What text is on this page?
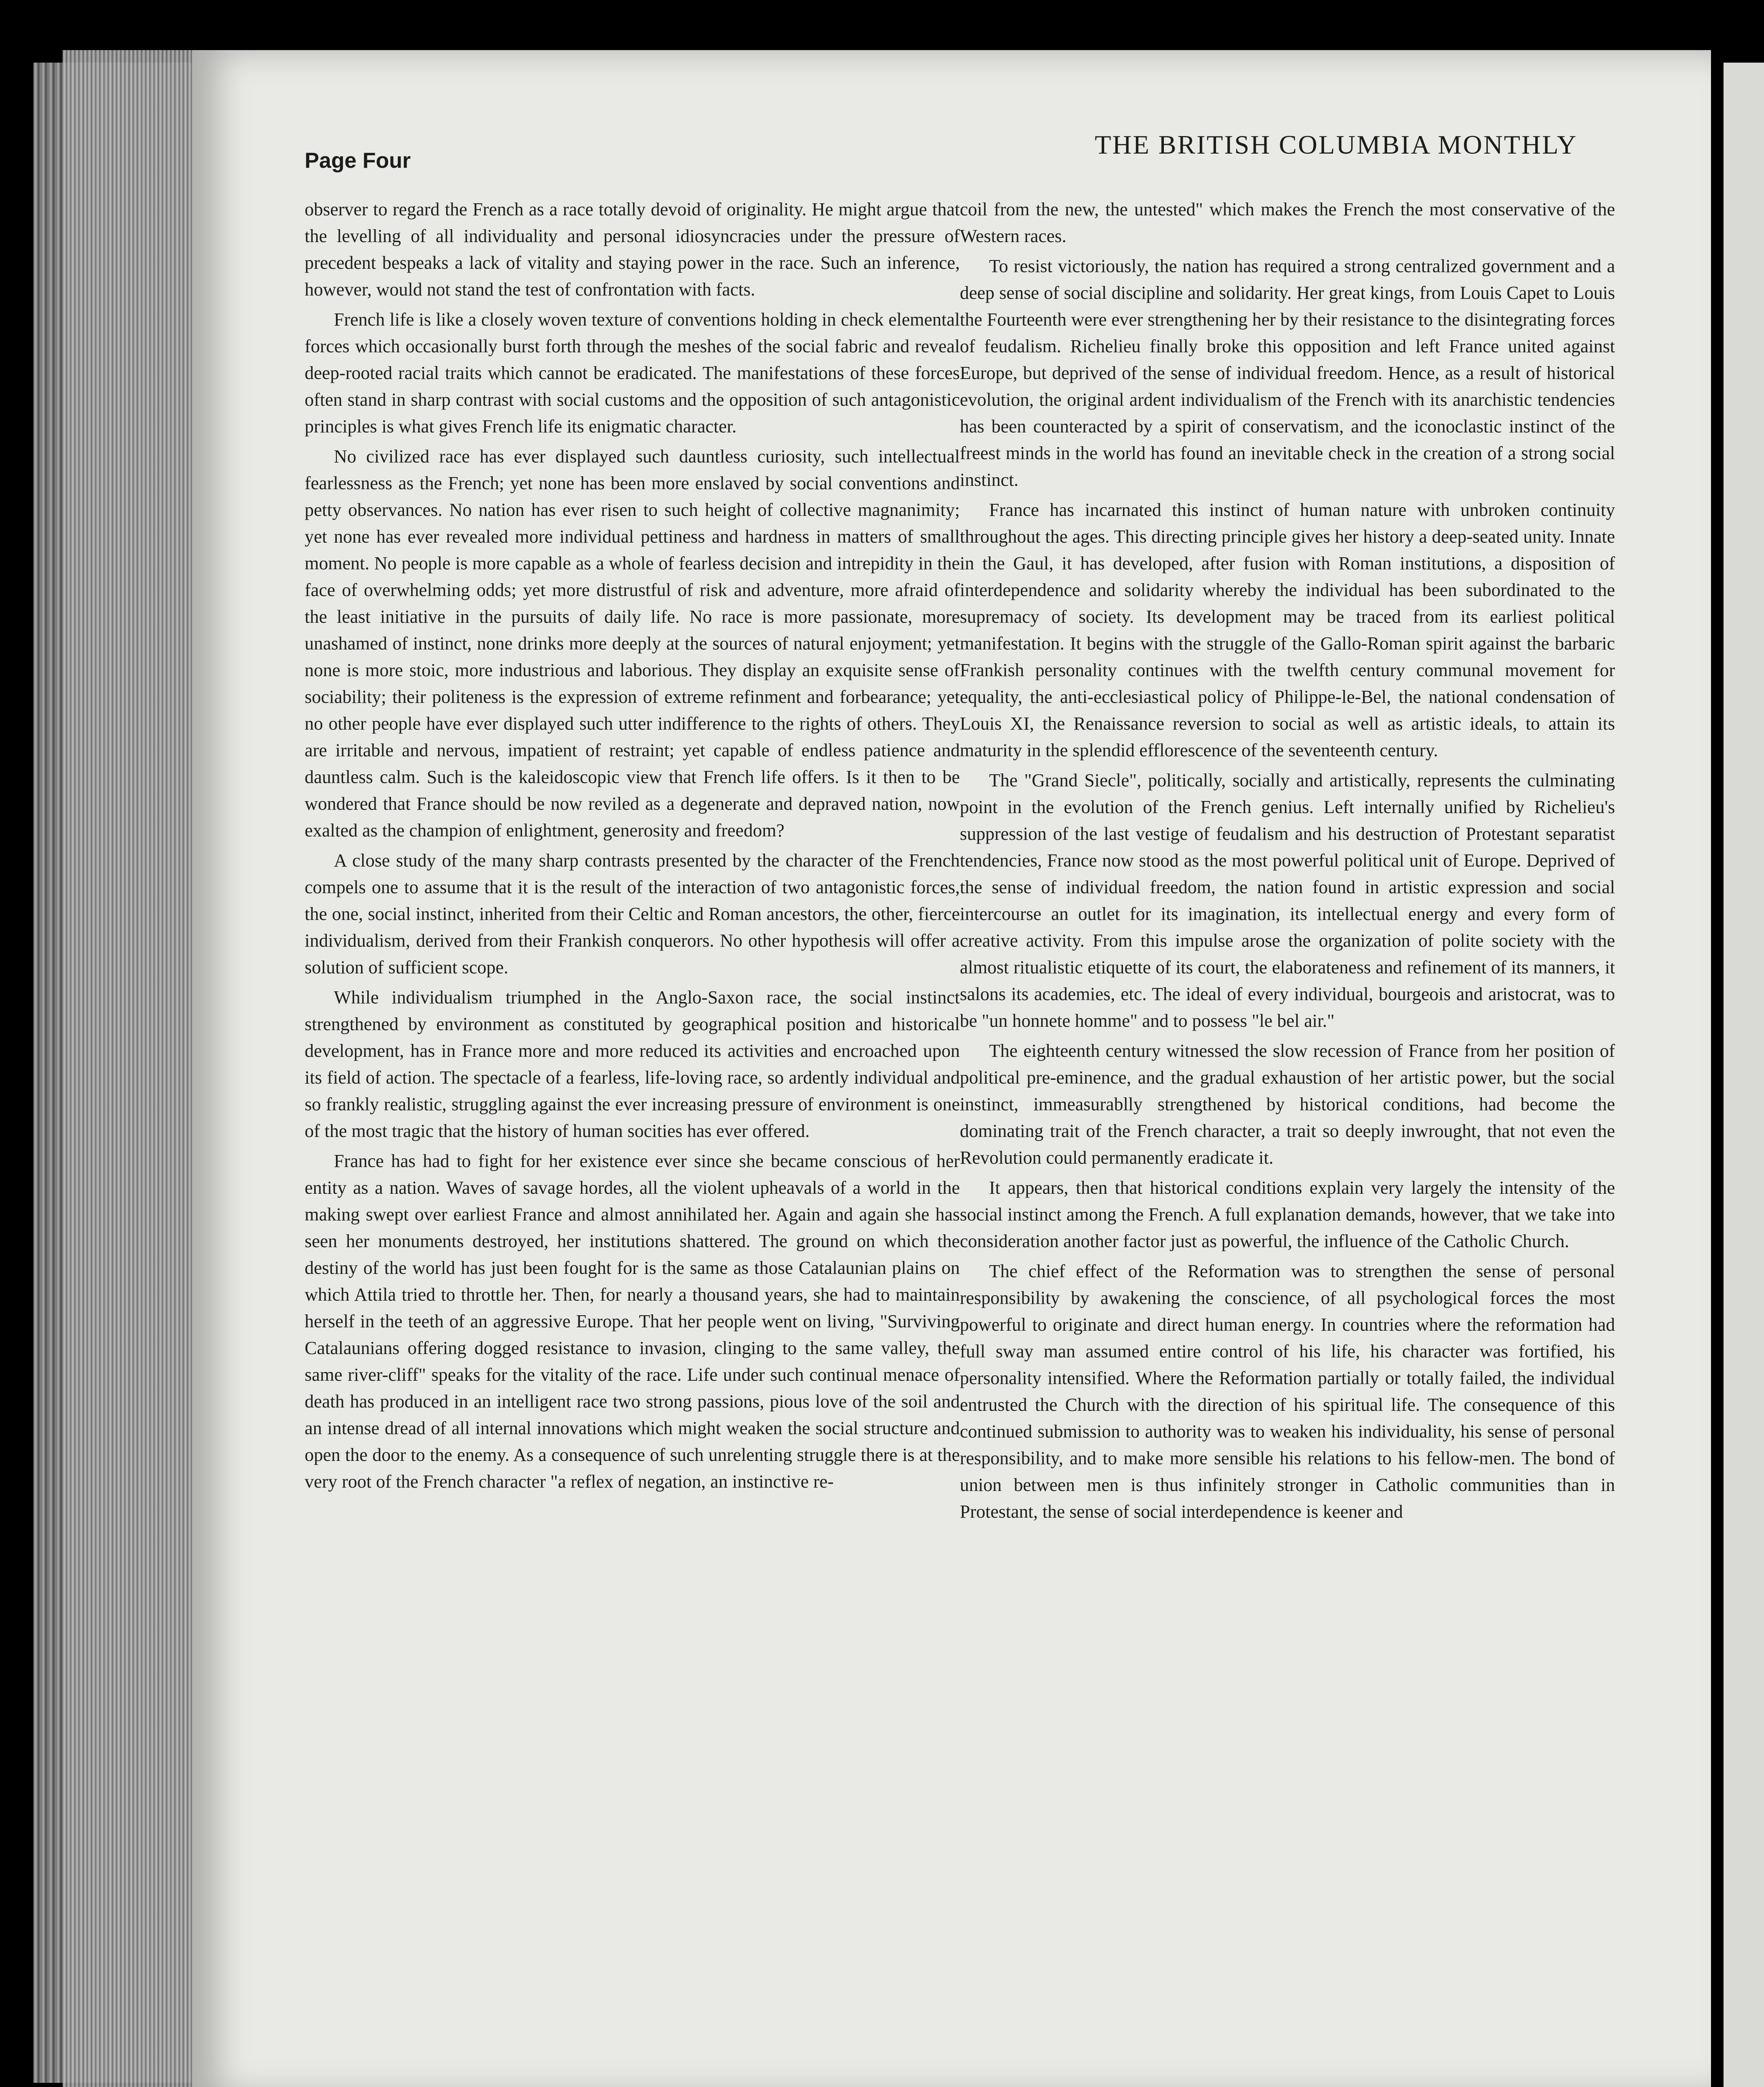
Page Four
THE BRITISH COLUMBIA MONTHLY

observer to regard the French as a race totally devoid of originality. He might argue that the levelling of all individuality and personal idiosyncracies under the pressure of precedent bespeaks a lack of vitality and staying power in the race. Such an inference, however, would not stand the test of confrontation with facts.

French life is like a closely woven texture of conventions holding in check elemental forces which occasionally burst forth through the meshes of the social fabric and reveal deep-rooted racial traits which cannot be eradicated. The manifestations of these forces often stand in sharp contrast with social customs and the opposition of such antagonistic principles is what gives French life its enigmatic character.

No civilized race has ever displayed such dauntless curiosity, such intellectual fearlessness as the French; yet none has been more enslaved by social conventions and petty observances. No nation has ever risen to such height of collective magnanimity; yet none has ever revealed more individual pettiness and hardness in matters of small moment. No people is more capable as a whole of fearless decision and intrepidity in the face of overwhelming odds; yet more distrustful of risk and adventure, more afraid of the least initiative in the pursuits of daily life. No race is more passionate, more unashamed of instinct, none drinks more deeply at the sources of natural enjoyment; yet none is more stoic, more industrious and laborious. They display an exquisite sense of sociability; their politeness is the expression of extreme refinment and forbearance; yet no other people have ever displayed such utter indifference to the rights of others. They are irritable and nervous, impatient of restraint; yet capable of endless patience and dauntless calm. Such is the kaleidoscopic view that French life offers. Is it then to be wondered that France should be now reviled as a degenerate and depraved nation, now exalted as the champion of enlightment, generosity and freedom?

A close study of the many sharp contrasts presented by the character of the French compels one to assume that it is the result of the interaction of two antagonistic forces, the one, social instinct, inherited from their Celtic and Roman ancestors, the other, fierce individualism, derived from their Frankish conquerors. No other hypothesis will offer a solution of sufficient scope.

While individualism triumphed in the Anglo-Saxon race, the social instinct strengthened by environment as constituted by geographical position and historical development, has in France more and more reduced its activities and encroached upon its field of action. The spectacle of a fearless, life-loving race, so ardently individual and so frankly realistic, struggling against the ever increasing pressure of environment is one of the most tragic that the history of human socities has ever offered.

France has had to fight for her existence ever since she became conscious of her entity as a nation. Waves of savage hordes, all the violent upheavals of a world in the making swept over earliest France and almost annihilated her. Again and again she has seen her monuments destroyed, her institutions shattered. The ground on which the destiny of the world has just been fought for is the same as those Catalaunian plains on which Attila tried to throttle her. Then, for nearly a thousand years, she had to maintain herself in the teeth of an aggressive Europe. That her people went on living, "Surviving Catalaunians offering dogged resistance to invasion, clinging to the same valley, the same river-cliff" speaks for the vitality of the race. Life under such continual menace of death has produced in an intelligent race two strong passions, pious love of the soil and an intense dread of all internal innovations which might weaken the social structure and open the door to the enemy. As a consequence of such unrelenting struggle there is at the very root of the French character "a reflex of negation, an instinctive re-

coil from the new, the untested" which makes the French the most conservative of the Western races.

To resist victoriously, the nation has required a strong centralized government and a deep sense of social discipline and solidarity. Her great kings, from Louis Capet to Louis the Fourteenth were ever strengthening her by their resistance to the disintegrating forces of feudalism. Richelieu finally broke this opposition and left France united against Europe, but deprived of the sense of individual freedom. Hence, as a result of historical evolution, the original ardent individualism of the French with its anarchistic tendencies has been counteracted by a spirit of conservatism, and the iconoclastic instinct of the freest minds in the world has found an inevitable check in the creation of a strong social instinct.

France has incarnated this instinct of human nature with unbroken continuity throughout the ages. This directing principle gives her history a deep-seated unity. Innate in the Gaul, it has developed, after fusion with Roman institutions, a disposition of interdependence and solidarity whereby the individual has been subordinated to the supremacy of society. Its development may be traced from its earliest political manifestation. It begins with the struggle of the Gallo-Roman spirit against the barbaric Frankish personality continues with the twelfth century communal movement for equality, the anti-ecclesiastical policy of Philippe-le-Bel, the national condensation of Louis XI, the Renaissance reversion to social as well as artistic ideals, to attain its maturity in the splendid efflorescence of the seventeenth century.

The "Grand Siecle", politically, socially and artistically, represents the culminating point in the evolution of the French genius. Left internally unified by Richelieu's suppression of the last vestige of feudalism and his destruction of Protestant separatist tendencies, France now stood as the most powerful political unit of Europe. Deprived of the sense of individual freedom, the nation found in artistic expression and social intercourse an outlet for its imagination, its intellectual energy and every form of creative activity. From this impulse arose the organization of polite society with the almost ritualistic etiquette of its court, the elaborateness and refinement of its manners, it salons its academies, etc. The ideal of every individual, bourgeois and aristocrat, was to be "un honnete homme" and to possess "le bel air."

The eighteenth century witnessed the slow recession of France from her position of political pre-eminence, and the gradual exhaustion of her artistic power, but the social instinct, immeasurablly strengthened by historical conditions, had become the dominating trait of the French character, a trait so deeply inwrought, that not even the Revolution could permanently eradicate it.

It appears, then that historical conditions explain very largely the intensity of the social instinct among the French. A full explanation demands, however, that we take into consideration another factor just as powerful, the influence of the Catholic Church.

The chief effect of the Reformation was to strengthen the sense of personal responsibility by awakening the conscience, of all psychological forces the most powerful to originate and direct human energy. In countries where the reformation had full sway man assumed entire control of his life, his character was fortified, his personality intensified. Where the Reformation partially or totally failed, the individual entrusted the Church with the direction of his spiritual life. The consequence of this continued submission to authority was to weaken his individuality, his sense of personal responsibility, and to make more sensible his relations to his fellow-men. The bond of union between men is thus infinitely stronger in Catholic communities than in Protestant, the sense of social interdependence is keener and
